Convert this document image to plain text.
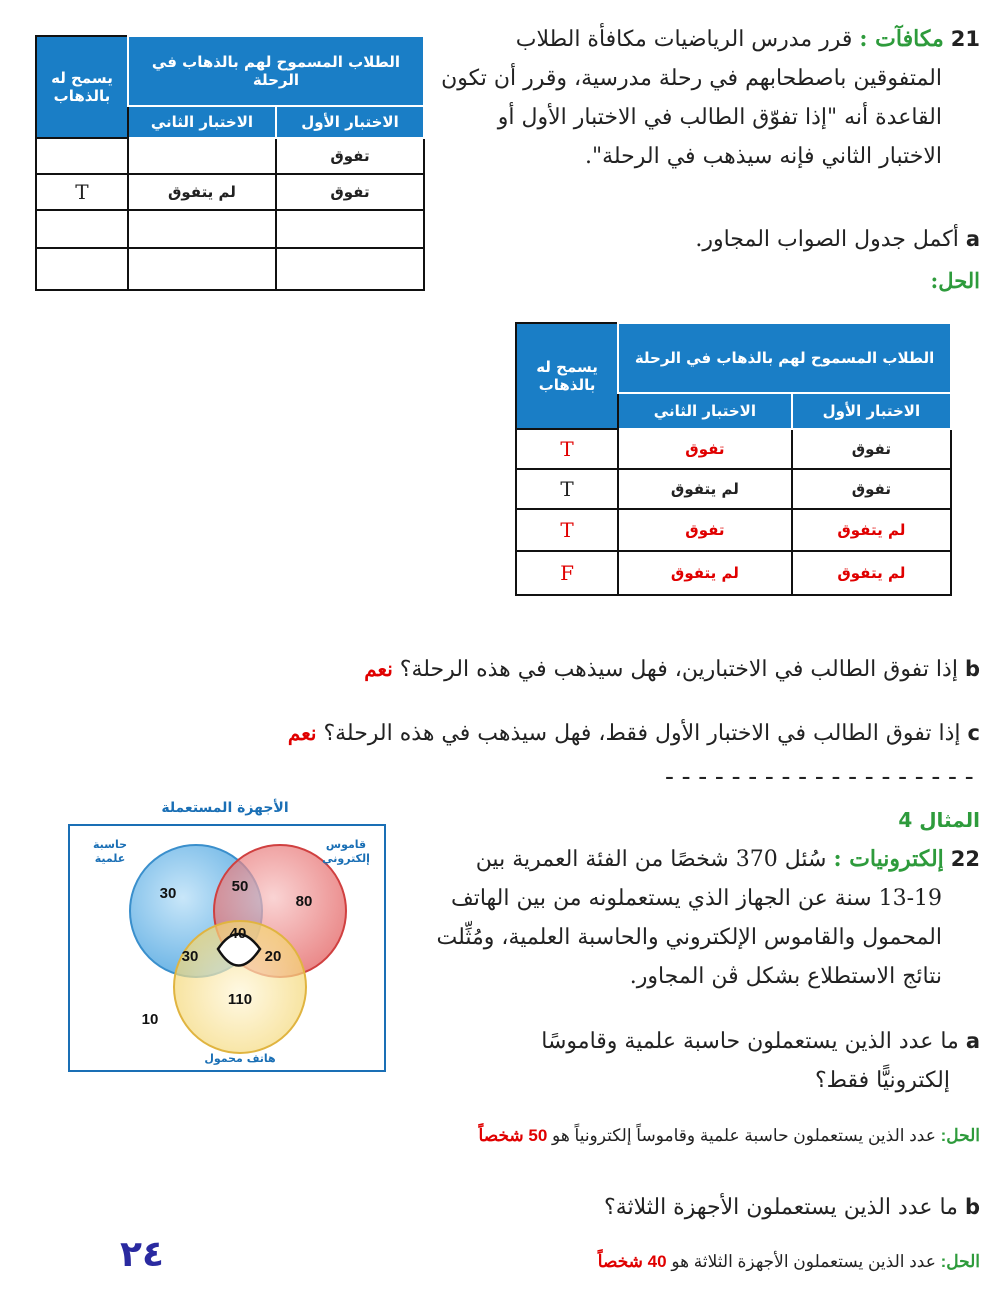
21 مكافآت : قرر مدرس الرياضيات مكافأة الطلاب
المتفوقين باصطحابهم في رحلة مدرسية، وقرر أن تكون
القاعدة أنه "إذا تفوّق الطالب في الاختبار الأول أو
الاختبار الثاني فإنه سيذهب في الرحلة".
a أكمل جدول الصواب المجاور.
الحل:
الطلاب المسموح لهم بالذهاب في الرحلة		يسمح له بالذهاب
الاختبار الأول	الاختبار الثاني	
تفوق		
تفوق	لم يتفوق	T

الطلاب المسموح لهم بالذهاب في الرحلة		يسمح له بالذهاب
الاختبار الأول	الاختبار الثاني	
تفوق	تفوق	T
تفوق	لم يتفوق	T
لم يتفوق	تفوق	T
لم يتفوق	لم يتفوق	F
b إذا تفوق الطالب في الاختبارين، فهل سيذهب في هذه الرحلة؟ نعم
c إذا تفوق الطالب في الاختبار الأول فقط، فهل سيذهب في هذه الرحلة؟ نعم
-------------------
المثال 4
22 إلكترونيات : سُئل 370 شخصًا من الفئة العمرية بين
13-19 سنة عن الجهاز الذي يستعملونه من بين الهاتف
المحمول والقاموس الإلكتروني والحاسبة العلمية، ومُثِّلت
نتائج الاستطلاع بشكل ڤن المجاور.
a ما عدد الذين يستعملون حاسبة علمية وقاموسًا
إلكترونيًّا فقط؟
الحل: عدد الذين يستعملون حاسبة علمية وقاموساً إلكترونياً هو 50 شخصاً
b ما عدد الذين يستعملون الأجهزة الثلاثة؟
الحل: عدد الذين يستعملون الأجهزة الثلاثة هو 40 شخصاً
٢٤
الأجهزة المستعملة
30	50
80
40
30	20
110
10
حاسبة
علمية
قاموس
إلكتروني
هاتف محمول
